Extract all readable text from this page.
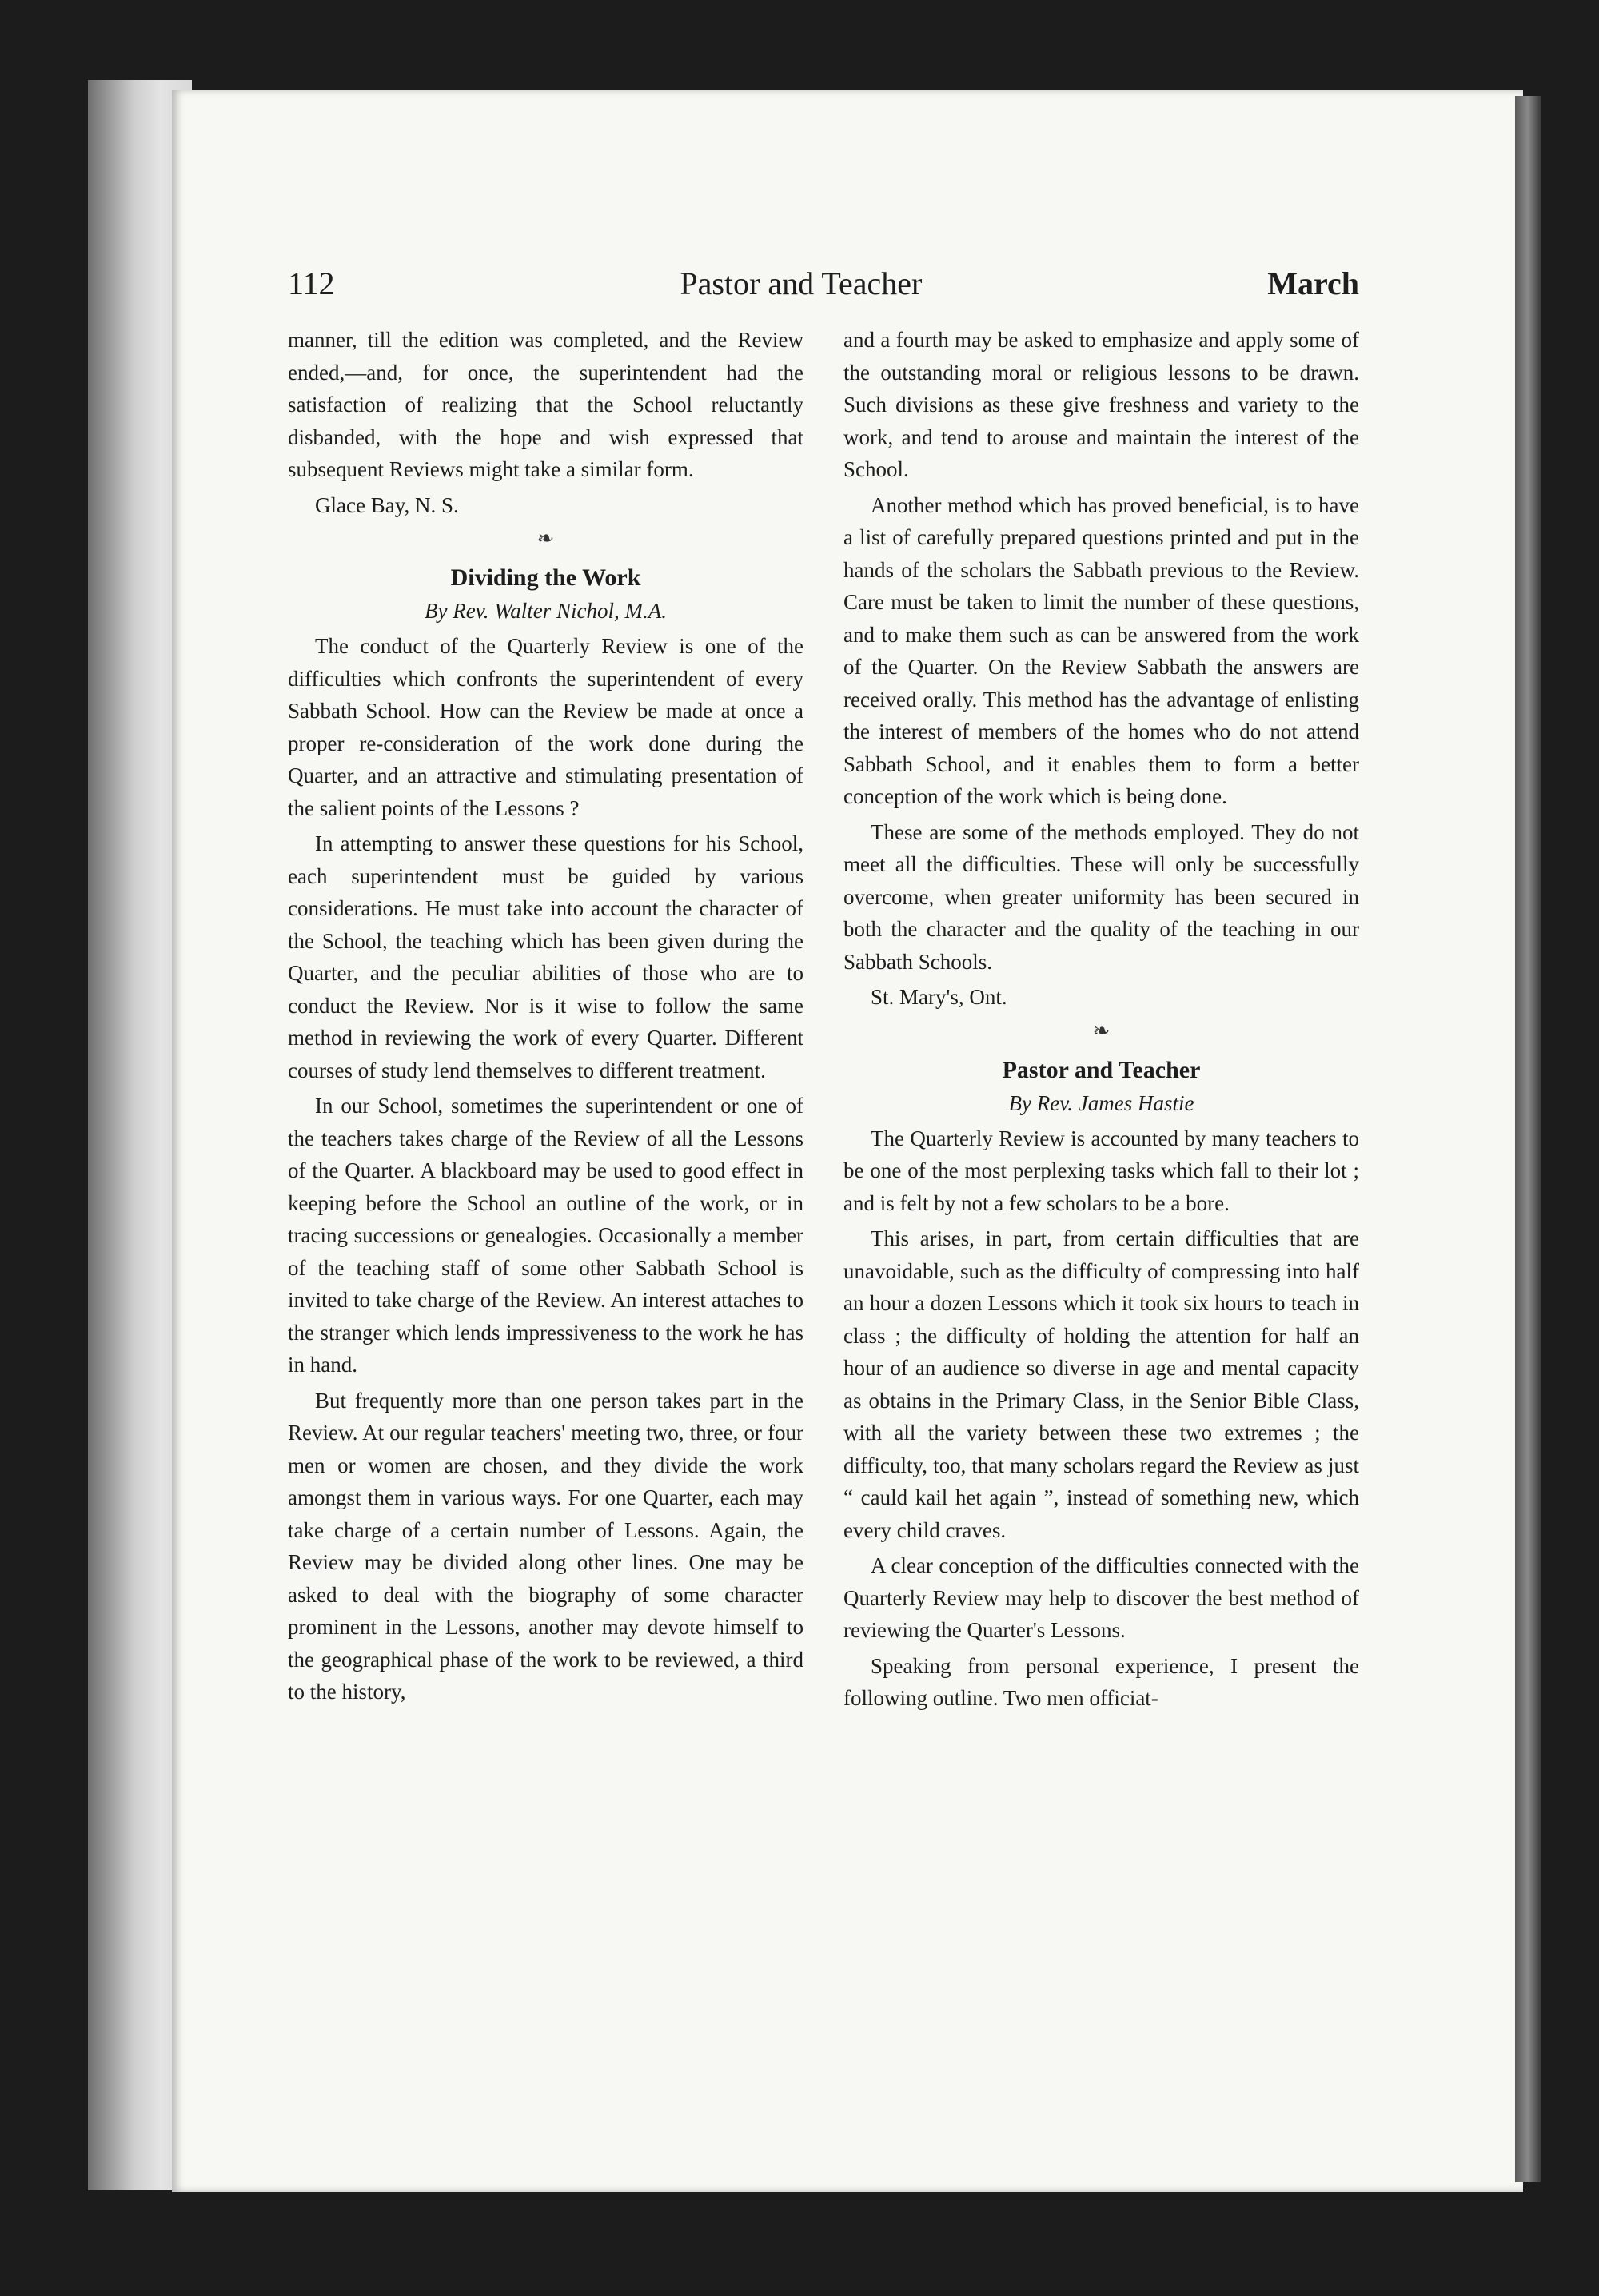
112	Pastor and Teacher	March

manner, till the edition was completed, and the Review ended,—and, for once, the superintendent had the satisfaction of realizing that the School reluctantly disbanded, with the hope and wish expressed that subsequent Reviews might take a similar form.

Glace Bay, N. S.

❧
Dividing the Work
By Rev. Walter Nichol, M.A.

The conduct of the Quarterly Review is one of the difficulties which confronts the superintendent of every Sabbath School. How can the Review be made at once a proper re-consideration of the work done during the Quarter, and an attractive and stimulating presentation of the salient points of the Lessons ?

In attempting to answer these questions for his School, each superintendent must be guided by various considerations. He must take into account the character of the School, the teaching which has been given during the Quarter, and the peculiar abilities of those who are to conduct the Review. Nor is it wise to follow the same method in reviewing the work of every Quarter. Different courses of study lend themselves to different treatment.

In our School, sometimes the superintendent or one of the teachers takes charge of the Review of all the Lessons of the Quarter. A blackboard may be used to good effect in keeping before the School an outline of the work, or in tracing successions or genealogies. Occasionally a member of the teaching staff of some other Sabbath School is invited to take charge of the Review. An interest attaches to the stranger which lends impressiveness to the work he has in hand.

But frequently more than one person takes part in the Review. At our regular teachers' meeting two, three, or four men or women are chosen, and they divide the work amongst them in various ways. For one Quarter, each may take charge of a certain number of Lessons. Again, the Review may be divided along other lines. One may be asked to deal with the biography of some character prominent in the Lessons, another may devote himself to the geographical phase of the work to be reviewed, a third to the history,

and a fourth may be asked to emphasize and apply some of the outstanding moral or religious lessons to be drawn. Such divisions as these give freshness and variety to the work, and tend to arouse and maintain the interest of the School.

Another method which has proved beneficial, is to have a list of carefully prepared questions printed and put in the hands of the scholars the Sabbath previous to the Review. Care must be taken to limit the number of these questions, and to make them such as can be answered from the work of the Quarter. On the Review Sabbath the answers are received orally. This method has the advantage of enlisting the interest of members of the homes who do not attend Sabbath School, and it enables them to form a better conception of the work which is being done.

These are some of the methods employed. They do not meet all the difficulties. These will only be successfully overcome, when greater uniformity has been secured in both the character and the quality of the teaching in our Sabbath Schools.

St. Mary's, Ont.

❧
Pastor and Teacher
By Rev. James Hastie

The Quarterly Review is accounted by many teachers to be one of the most perplexing tasks which fall to their lot ; and is felt by not a few scholars to be a bore.

This arises, in part, from certain difficulties that are unavoidable, such as the difficulty of compressing into half an hour a dozen Lessons which it took six hours to teach in class ; the difficulty of holding the attention for half an hour of an audience so diverse in age and mental capacity as obtains in the Primary Class, in the Senior Bible Class, with all the variety between these two extremes ; the difficulty, too, that many scholars regard the Review as just “ cauld kail het again ”, instead of something new, which every child craves.

A clear conception of the difficulties connected with the Quarterly Review may help to discover the best method of reviewing the Quarter's Lessons.

Speaking from personal experience, I present the following outline. Two men officiat-
